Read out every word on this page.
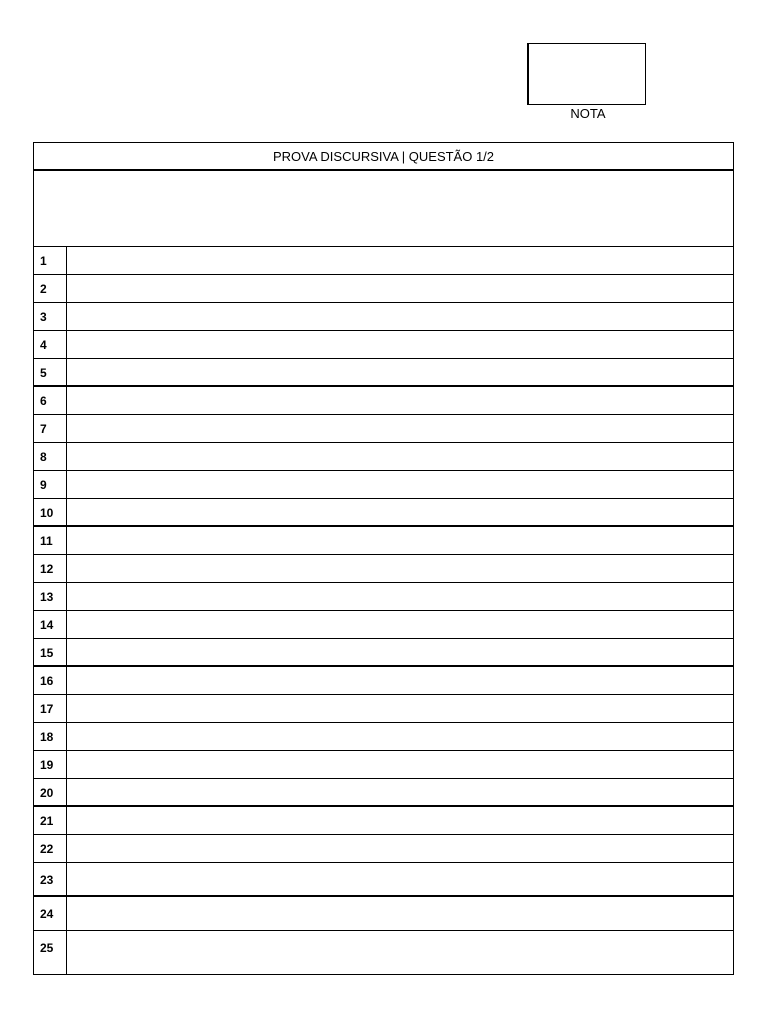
NOTA
PROVA DISCURSIVA | QUESTÃO 1/2
1
2
3
4
5
6
7
8
9
10
11
12
13
14
15
16
17
18
19
20
21
22
23
24
25
